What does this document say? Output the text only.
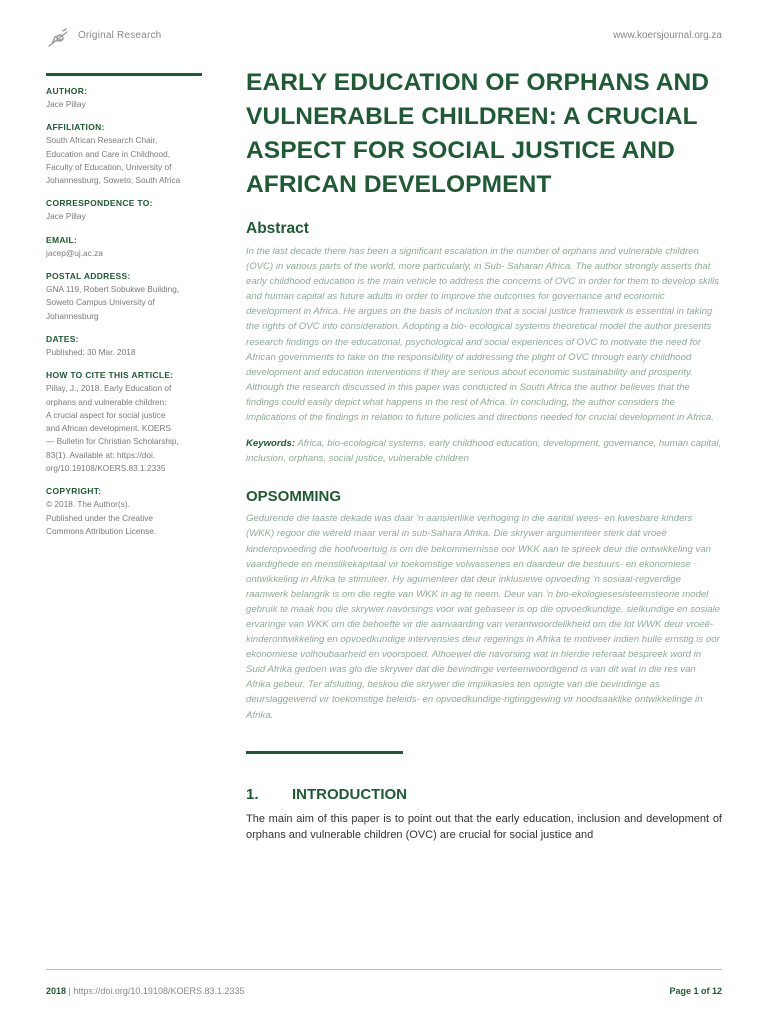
Original Research	www.koersjournal.org.za
AUTHOR:
Jace Pillay
AFFILIATION:
South African Research Chair,
Education and Care in Childhood,
Faculty of Education, University of
Johannesburg, Soweto, South Africa
CORRESPONDENCE TO:
Jace Pillay
EMAIL:
jacep@uj.ac.za
POSTAL ADDRESS:
GNA 119, Robert Sobukwe Building,
Soweto Campus University of
Johannesburg
DATES:
Published: 30 Mar. 2018
HOW TO CITE THIS ARTICLE:
Pillay, J., 2018. Early Education of
orphans and vulnerable children:
A crucial aspect for social justice
and African development. KOERS
— Bulletin for Christian Scholarship,
83(1). Available at: https://doi.
org/10.19108/KOERS.83.1.2335
COPYRIGHT:
© 2018. The Author(s).
Published under the Creative
Commons Attribution License.
EARLY EDUCATION OF ORPHANS AND VULNERABLE CHILDREN: A CRUCIAL ASPECT FOR SOCIAL JUSTICE AND AFRICAN DEVELOPMENT
Abstract

In the last decade there has been a significant escalation in the number of orphans and vulnerable children (OVC) in various parts of the world, more particularly, in Sub- Saharan Africa. The author strongly asserts that early childhood education is the main vehicle to address the concerns of OVC in order for them to develop skills and human capital as future adults in order to improve the outcomes for governance and economic development in Africa. He argues on the basis of inclusion that a social justice framework is essential in taking the rights of OVC into consideration. Adopting a bio- ecological systems theoretical model the author presents research findings on the educational, psychological and social experiences of OVC to motivate the need for African governments to take on the responsibility of addressing the plight of OVC through early childhood development and education interventions if they are serious about economic sustainability and prosperity. Although the research discussed in this paper was conducted in South Africa the author believes that the findings could easily depict what happens in the rest of Africa. In concluding, the author considers the implications of the findings in relation to future policies and directions needed for crucial development in Africa.

Keywords: Africa, bio-ecological systems, early childhood education, development, governance, human capital, inclusion, orphans, social justice, vulnerable children
OPSOMMING

Gedurende die laaste dekade was daar ’n aansienlike verhoging in die aantal wees- en kwesbare kinders (WKK) regoor die wêreld maar veral in sub-Sahara Afrika. Die skrywer argumenteer sterk dat vroeë kinderopvoeding die hoofvoertuig is om die bekommernisse oor WKK aan te spreek deur die ontwikkeling van vaardighede en menslikekapitaal vir toekomstige volwassenes en daardeur die bestuurs- en ekonomiese ontwikkeling in Afrika te stimuleer. Hy agumenteer dat deur inklusiewe opvoeding ’n sosiaal-regverdige raamwerk belangrik is om die regte van WKK in ag te neem. Deur van ’n bio-ekologiesesisteemsteorie model gebruik te maak hou die skrywer navorsings voor wat gebaseer is op die opvoedkundige, sielkundige en sosiale ervaringe van WKK om die behoefte vir die aanvaarding van verantwoordelikheid om die lot WWK deur vroeë-kinderontwikkeling en opvoedkundige intervensies deur regerings in Afrika te motiveer indien hulle ernstig is oor ekonomiese volhoubaarheid en voorspoed. Alhoewel die navorsing wat in hierdie referaat bespreek word in Suid Afrika gedoen was glo die skrywer dat die bevindinge verteenwoordigend is van dit wat in die res van Afrika gebeur. Ter afsluiting, beskou die skrywer die implikasies ten opsigte van die bevindinge as deurslaggewend vir toekomstige beleids- en opvoedkundige-rigtinggewing vir noodsaaklike ontwikkelinge in Afrika.

1.	INTRODUCTION
The main aim of this paper is to point out that the early education, inclusion and development of orphans and vulnerable children (OVC) are crucial for social justice and
2018 | https://doi.org/10.19108/KOERS.83.1.2335	Page 1 of 12
